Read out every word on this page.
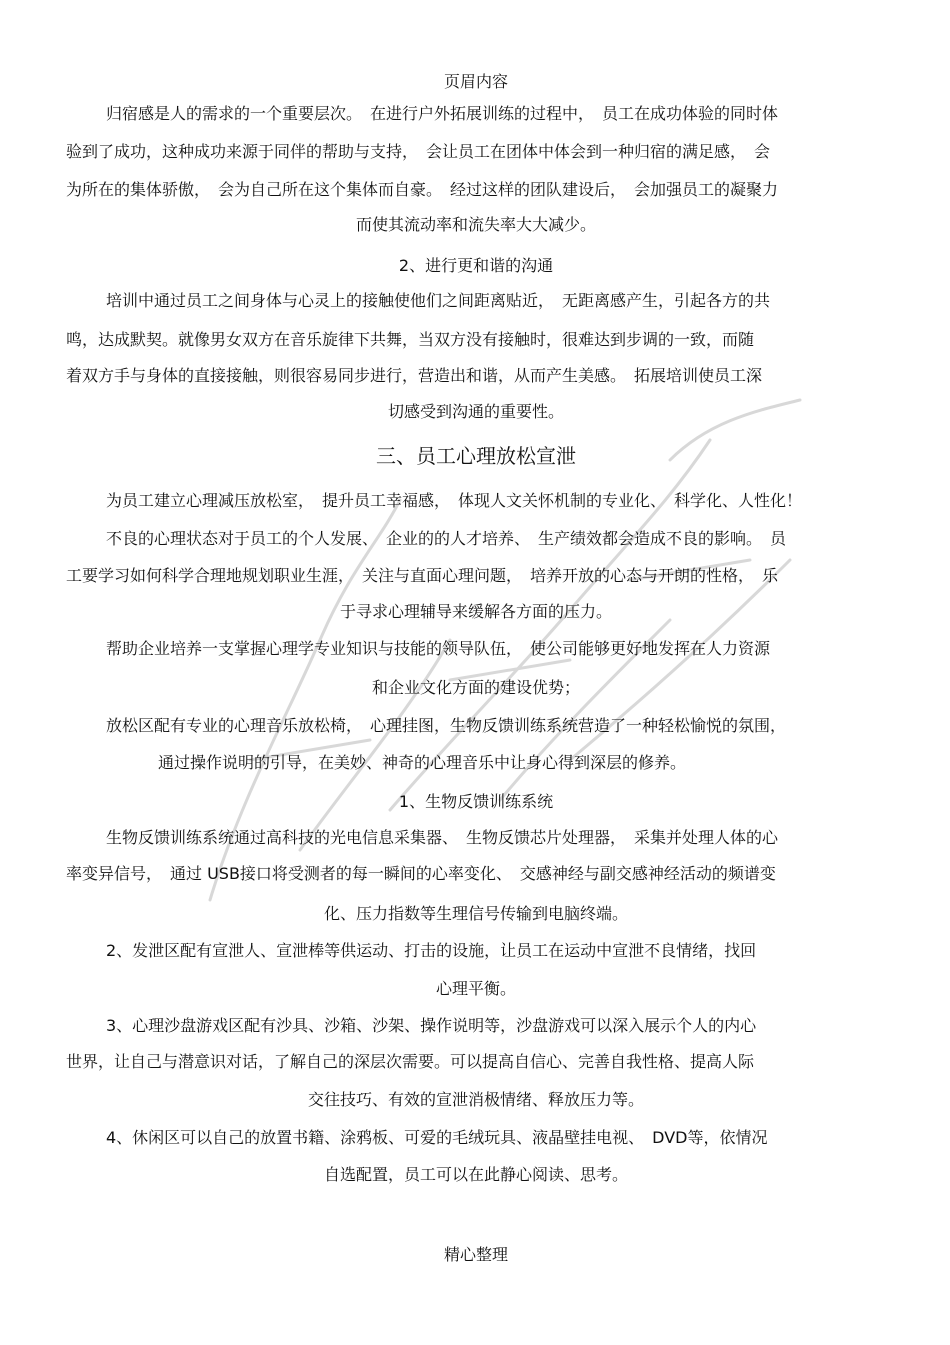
页眉内容
归宿感是人的需求的一个重要层次。　在进行户外拓展训练的过程中，　员工在成功体验的同时体
验到了成功，这种成功来源于同伴的帮助与支持，　会让员工在团体中体会到一种归宿的满足感，　会
为所在的集体骄傲，　会为自己所在这个集体而自豪。　经过这样的团队建设后，　会加强员工的凝聚力
而使其流动率和流失率大大减少。
2、进行更和谐的沟通
培训中通过员工之间身体与心灵上的接触使他们之间距离贴近，　无距离感产生，引起各方的共
鸣，达成默契。就像男女双方在音乐旋律下共舞，当双方没有接触时，很难达到步调的一致，而随
着双方手与身体的直接接触，则很容易同步进行，营造出和谐，从而产生美感。　拓展培训使员工深
切感受到沟通的重要性。
三、员工心理放松宣泄
为员工建立心理减压放松室，　提升员工幸福感，　体现人文关怀机制的专业化、　科学化、人性化！
不良的心理状态对于员工的个人发展、　企业的的人才培养、　生产绩效都会造成不良的影响。　员
工要学习如何科学合理地规划职业生涯，　关注与直面心理问题，　培养开放的心态与开朗的性格，　乐
于寻求心理辅导来缓解各方面的压力。
帮助企业培养一支掌握心理学专业知识与技能的领导队伍，　使公司能够更好地发挥在人力资源
和企业文化方面的建设优势；
放松区配有专业的心理音乐放松椅，　心理挂图，生物反馈训练系统营造了一种轻松愉悦的氛围，
通过操作说明的引导，在美妙、神奇的心理音乐中让身心得到深层的修养。
1、生物反馈训练系统
生物反馈训练系统通过高科技的光电信息采集器、　生物反馈芯片处理器，　采集并处理人体的心
率变异信号，　通过 USB接口将受测者的每一瞬间的心率变化、　交感神经与副交感神经活动的频谱变
化、压力指数等生理信号传输到电脑终端。
2、发泄区配有宣泄人、宣泄棒等供运动、打击的设施，让员工在运动中宣泄不良情绪，找回
心理平衡。
3、心理沙盘游戏区配有沙具、沙箱、沙架、操作说明等，沙盘游戏可以深入展示个人的内心
世界，让自己与潜意识对话，了解自己的深层次需要。可以提高自信心、完善自我性格、提高人际
交往技巧、有效的宣泄消极情绪、释放压力等。
4、休闲区可以自己的放置书籍、涂鸦板、可爱的毛绒玩具、液晶壁挂电视、　DVD等，依情况
自选配置，员工可以在此静心阅读、思考。
精心整理
